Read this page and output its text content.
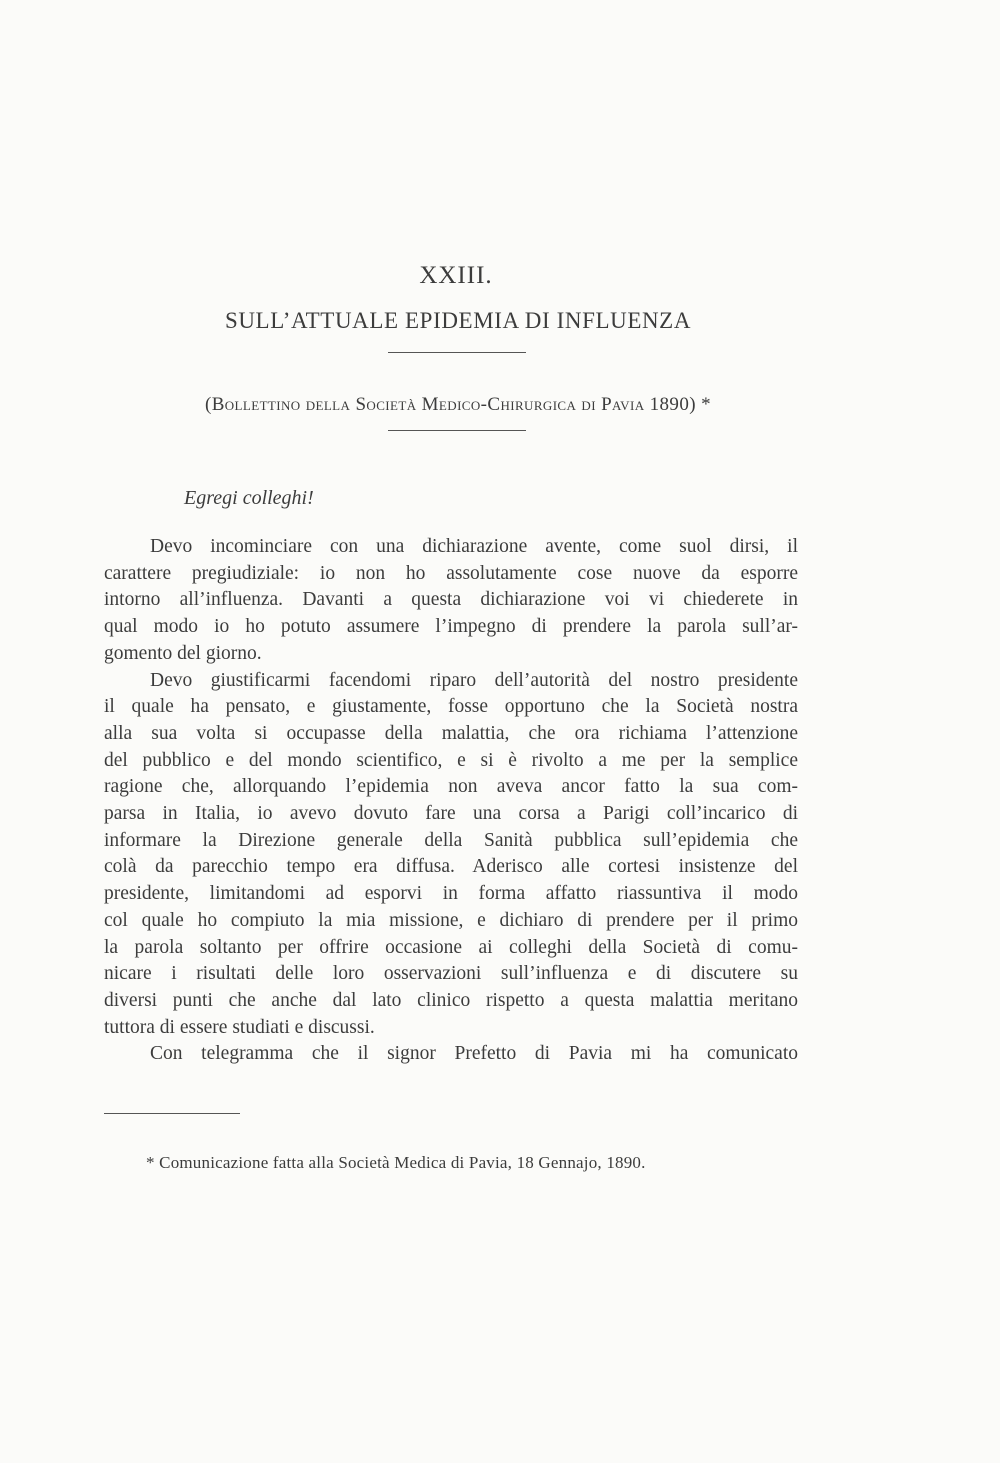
XXIII.
SULL’ATTUALE EPIDEMIA DI INFLUENZA
(Bollettino della Società Medico-Chirurgica di Pavia 1890) *
Egregi colleghi!
Devo incominciare con una dichiarazione avente, come suol dirsi, il
carattere pregiudiziale: io non ho assolutamente cose nuove da esporre
intorno all’influenza. Davanti a questa dichiarazione voi vi chiederete in
qual modo io ho potuto assumere l’impegno di prendere la parola sull’ar-
gomento del giorno.
Devo giustificarmi facendomi riparo dell’autorità del nostro presidente
il quale ha pensato, e giustamente, fosse opportuno che la Società nostra
alla sua volta si occupasse della malattia, che ora richiama l’attenzione
del pubblico e del mondo scientifico, e si è rivolto a me per la semplice
ragione che, allorquando l’epidemia non aveva ancor fatto la sua com-
parsa in Italia, io avevo dovuto fare una corsa a Parigi coll’incarico di
informare la Direzione generale della Sanità pubblica sull’epidemia che
colà da parecchio tempo era diffusa. Aderisco alle cortesi insistenze del
presidente, limitandomi ad esporvi in forma affatto riassuntiva il modo
col quale ho compiuto la mia missione, e dichiaro di prendere per il primo
la parola soltanto per offrire occasione ai colleghi della Società di comu-
nicare i risultati delle loro osservazioni sull’influenza e di discutere su
diversi punti che anche dal lato clinico rispetto a questa malattia meritano
tuttora di essere studiati e discussi.
Con telegramma che il signor Prefetto di Pavia mi ha comunicato
* Comunicazione fatta alla Società Medica di Pavia, 18 Gennajo, 1890.
